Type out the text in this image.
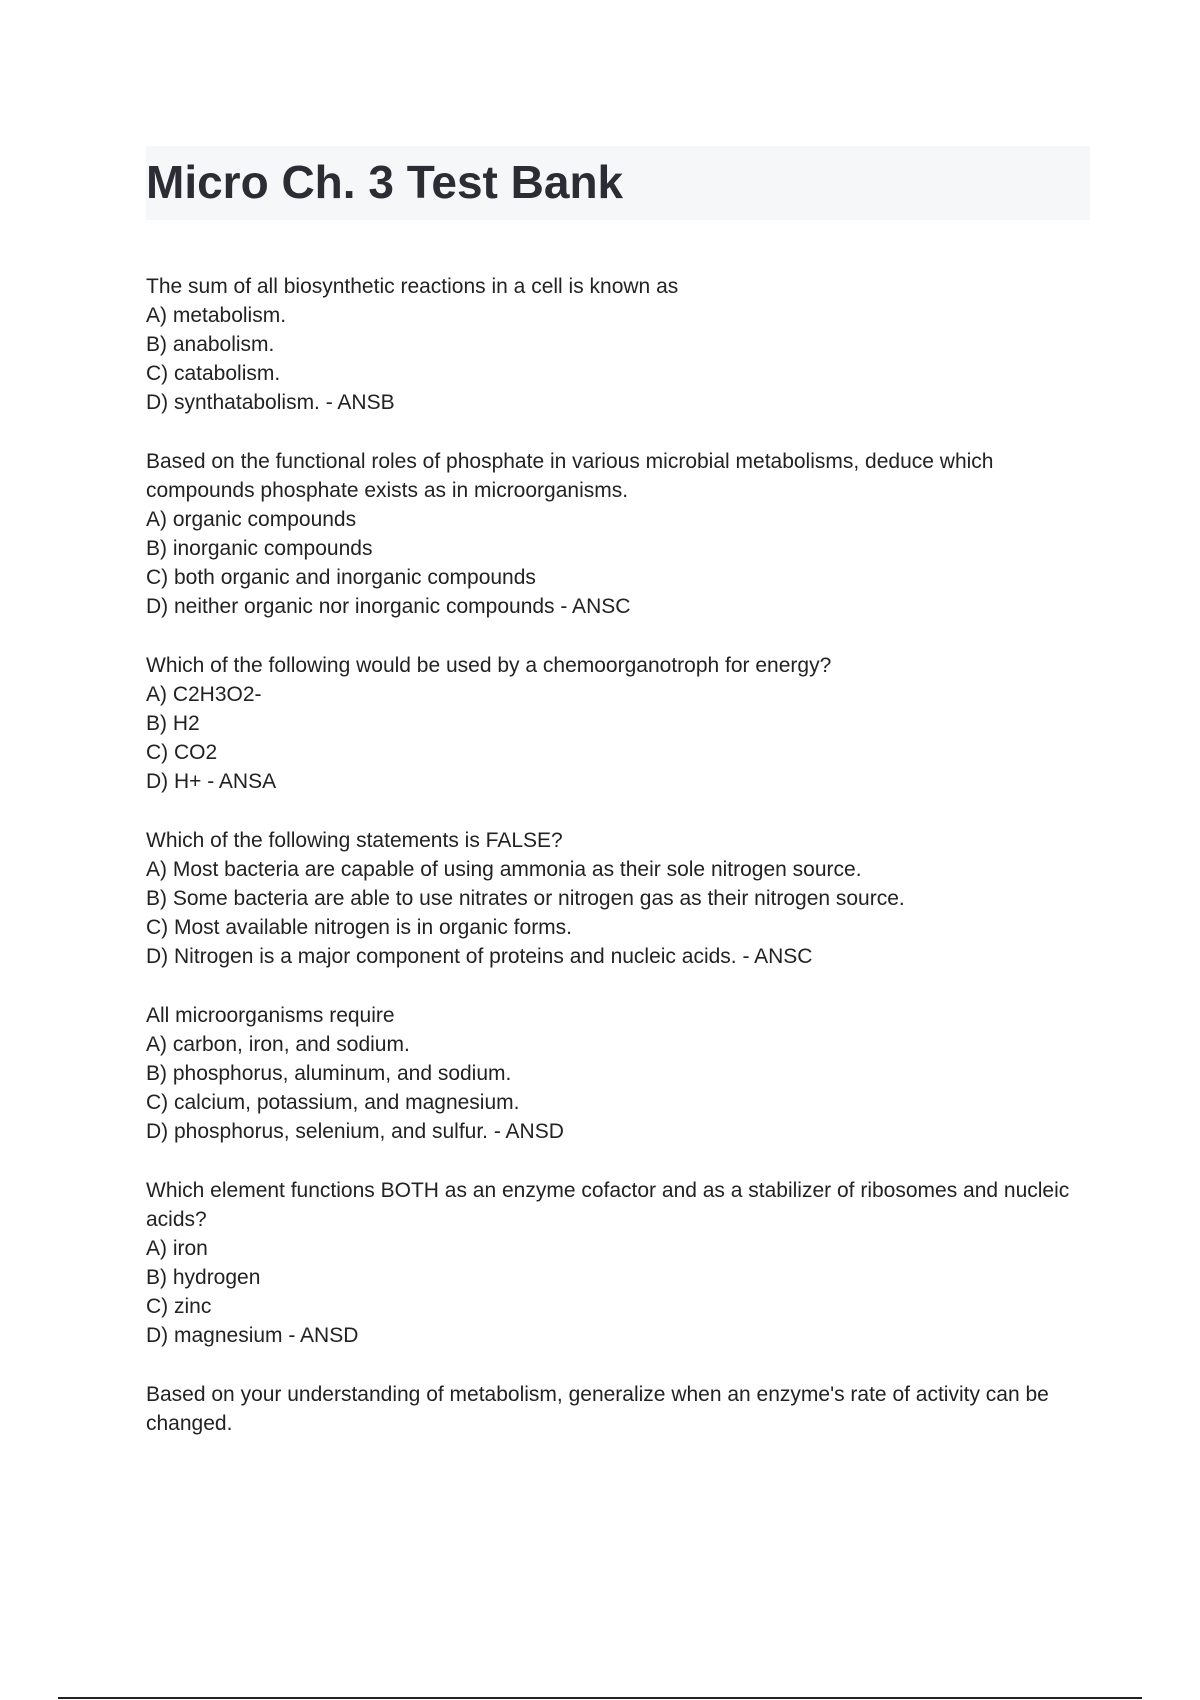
Micro Ch. 3 Test Bank

The sum of all biosynthetic reactions in a cell is known as

A) metabolism.

B) anabolism.

C) catabolism.

D) synthatabolism. - ANSB

Based on the functional roles of phosphate in various microbial metabolisms, deduce which compounds phosphate exists as in microorganisms.

A) organic compounds

B) inorganic compounds

C) both organic and inorganic compounds

D) neither organic nor inorganic compounds - ANSC

Which of the following would be used by a chemoorganotroph for energy?

A) C2H3O2-

B) H2

C) CO2

D) H+ - ANSA

Which of the following statements is FALSE?

A) Most bacteria are capable of using ammonia as their sole nitrogen source.

B) Some bacteria are able to use nitrates or nitrogen gas as their nitrogen source.

C) Most available nitrogen is in organic forms.

D) Nitrogen is a major component of proteins and nucleic acids. - ANSC

All microorganisms require

A) carbon, iron, and sodium.

B) phosphorus, aluminum, and sodium.

C) calcium, potassium, and magnesium.

D) phosphorus, selenium, and sulfur. - ANSD

Which element functions BOTH as an enzyme cofactor and as a stabilizer of ribosomes and nucleic acids?

A) iron

B) hydrogen

C) zinc

D) magnesium - ANSD

Based on your understanding of metabolism, generalize when an enzyme's rate of activity can be changed.
